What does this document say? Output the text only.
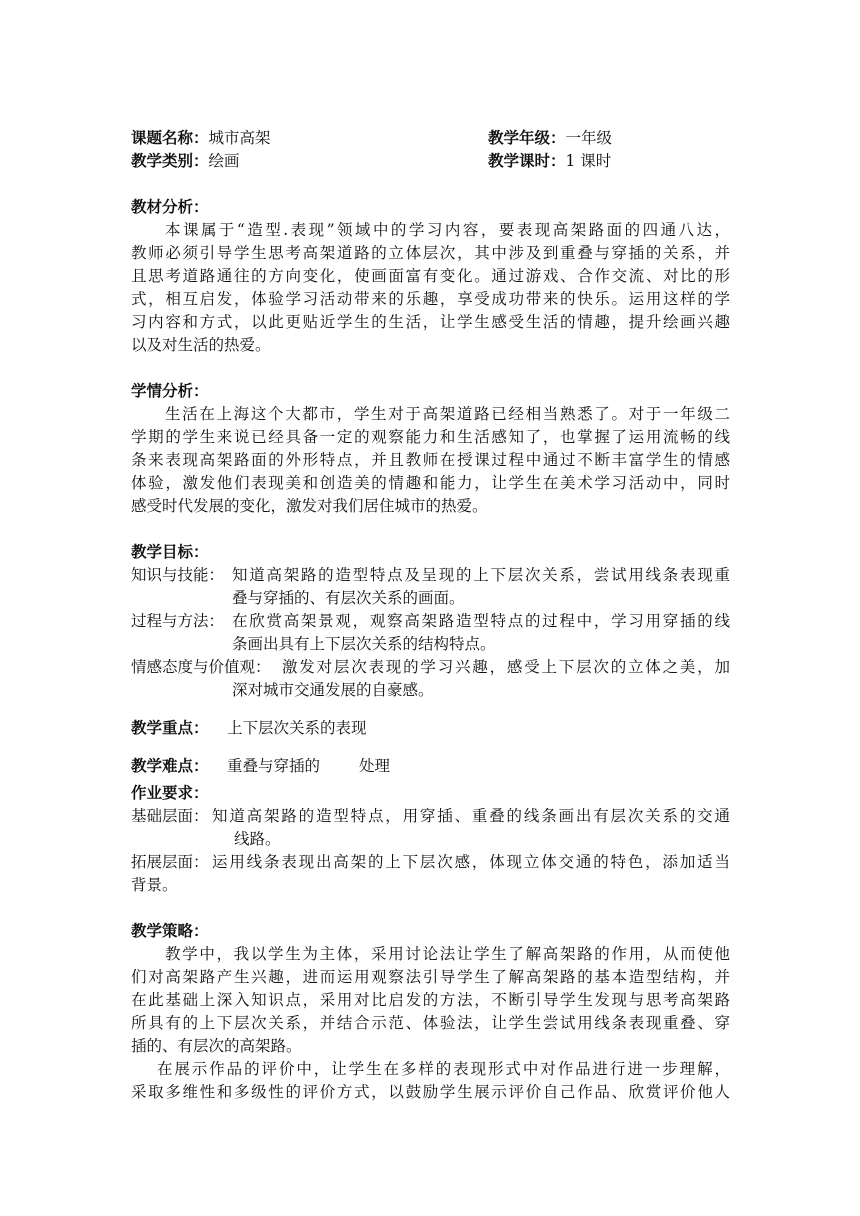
课题名称：城市高架	教学年级：一年级
教学类别：绘画	教学课时：1 课时
教材分析：
本课属于“造型.表现”领域中的学习内容，要表现高架路面的四通八达，
教师必须引导学生思考高架道路的立体层次，其中涉及到重叠与穿插的关系，并
且思考道路通往的方向变化，使画面富有变化。通过游戏、合作交流、对比的形
式，相互启发，体验学习活动带来的乐趣，享受成功带来的快乐。运用这样的学
习内容和方式，以此更贴近学生的生活，让学生感受生活的情趣，提升绘画兴趣
以及对生活的热爱。
学情分析：
生活在上海这个大都市，学生对于高架道路已经相当熟悉了。对于一年级二
学期的学生来说已经具备一定的观察能力和生活感知了，也掌握了运用流畅的线
条来表现高架路面的外形特点，并且教师在授课过程中通过不断丰富学生的情感
体验，激发他们表现美和创造美的情趣和能力，让学生在美术学习活动中，同时
感受时代发展的变化，激发对我们居住城市的热爱。
教学目标：
知识与技能： 知道高架路的造型特点及呈现的上下层次关系，尝试用线条表现重
叠与穿插的、有层次关系的画面。
过程与方法： 在欣赏高架景观，观察高架路造型特点的过程中，学习用穿插的线
条画出具有上下层次关系的结构特点。
情感态度与价值观： 激发对层次表现的学习兴趣，感受上下层次的立体之美，加
深对城市交通发展的自豪感。
教学重点： 上下层次关系的表现
教学难点： 重叠与穿插的	处理
作业要求：
基础层面： 知道高架路的造型特点，用穿插、重叠的线条画出有层次关系的交通
线路。
拓展层面： 运用线条表现出高架的上下层次感，体现立体交通的特色，添加适当
背景。
教学策略：
教学中，我以学生为主体，采用讨论法让学生了解高架路的作用，从而使他
们对高架路产生兴趣，进而运用观察法引导学生了解高架路的基本造型结构，并
在此基础上深入知识点，采用对比启发的方法，不断引导学生发现与思考高架路
所具有的上下层次关系，并结合示范、体验法，让学生尝试用线条表现重叠、穿
插的、有层次的高架路。
在展示作品的评价中，让学生在多样的表现形式中对作品进行进一步理解，
采取多维性和多级性的评价方式，以鼓励学生展示评价自己作品、欣赏评价他人
